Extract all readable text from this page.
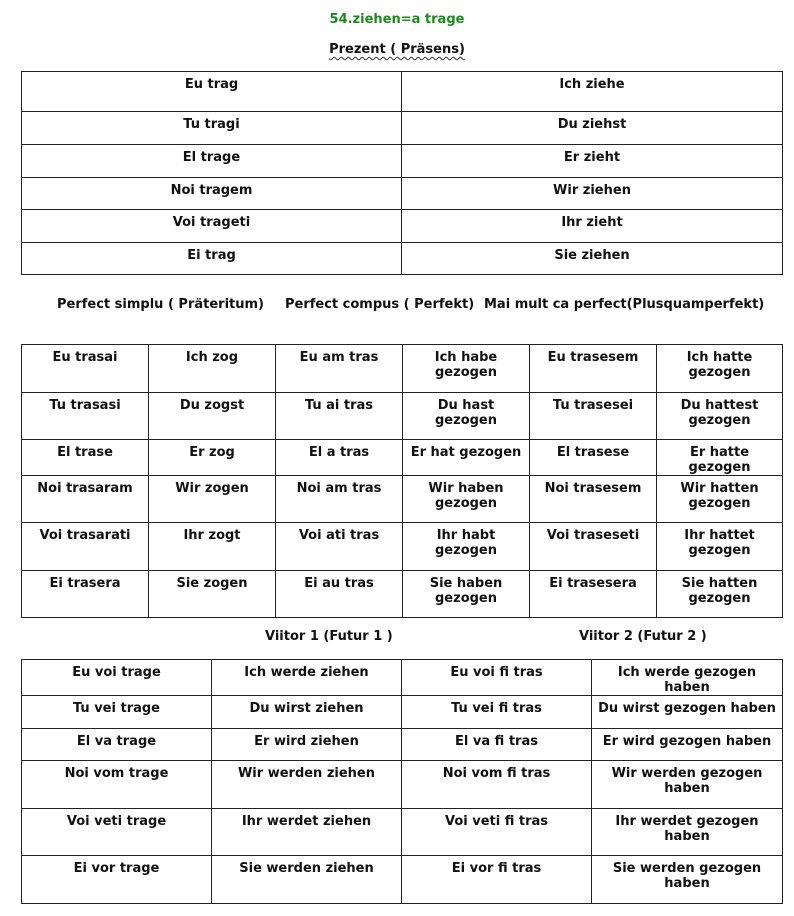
54.ziehen=a trage
Prezent ( Präsens)
Eu trag	Ich ziehe
Tu tragi	Du ziehst
El trage	Er zieht
Noi tragem	Wir ziehen
Voi trageti	Ihr zieht
Ei trag	Sie ziehen
Perfect simplu ( Präteritum) Perfect compus ( Perfekt) Mai mult ca perfect(Plusquamperfekt)
Eu trasai	Ich zog	Eu am tras	Ich habe gezogen	Eu trasesem	Ich hatte gezogen
Tu trasasi	Du zogst	Tu ai tras	Du hast gezogen	Tu trasesei	Du hattest gezogen
El trase	Er zog	El a tras	Er hat gezogen	El trasese	Er hatte gezogen
Noi trasaram	Wir zogen	Noi am tras	Wir haben gezogen	Noi trasesem	Wir hatten gezogen
Voi trasarati	Ihr zogt	Voi ati tras	Ihr habt gezogen	Voi traseseti	Ihr hattet gezogen
Ei trasera	Sie zogen	Ei au tras	Sie haben gezogen	Ei trasesera	Sie hatten gezogen
Viitor 1 (Futur 1 )	Viitor 2 (Futur 2 )
Eu voi trage	Ich werde ziehen	Eu voi fi tras	Ich werde gezogen haben
Tu vei trage	Du wirst ziehen	Tu vei fi tras	Du wirst gezogen haben
El va trage	Er wird ziehen	El va fi tras	Er wird gezogen haben
Noi vom trage	Wir werden ziehen	Noi vom fi tras	Wir werden gezogen haben
Voi veti trage	Ihr werdet ziehen	Voi veti fi tras	Ihr werdet gezogen haben
Ei vor trage	Sie werden ziehen	Ei vor fi tras	Sie werden gezogen haben
